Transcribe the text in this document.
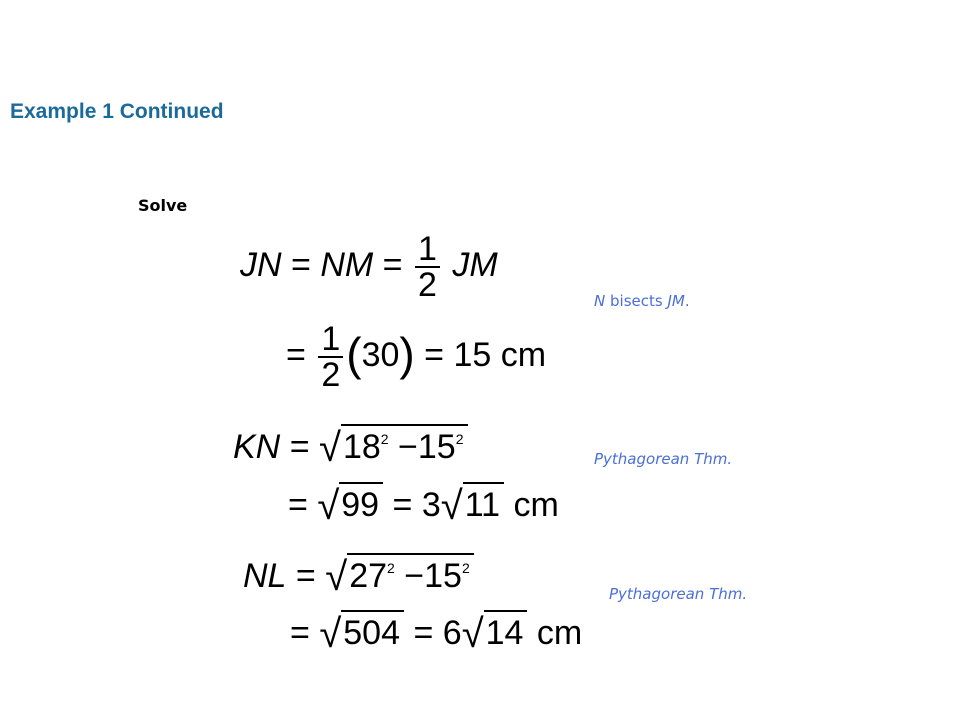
Example 1 Continued
Solve
JN = NM = $\frac{1}{2}$ JM
= $\frac{1}{2} (30) = 15$ cm
KN = $√18^2 -15^2$
= √99 = 3√11 cm
NL = $√27^2 -15^2$
= √504 = 6√14 cm
N bisects JM.
Pythagorean Thm.
Pythagorean Thm.
